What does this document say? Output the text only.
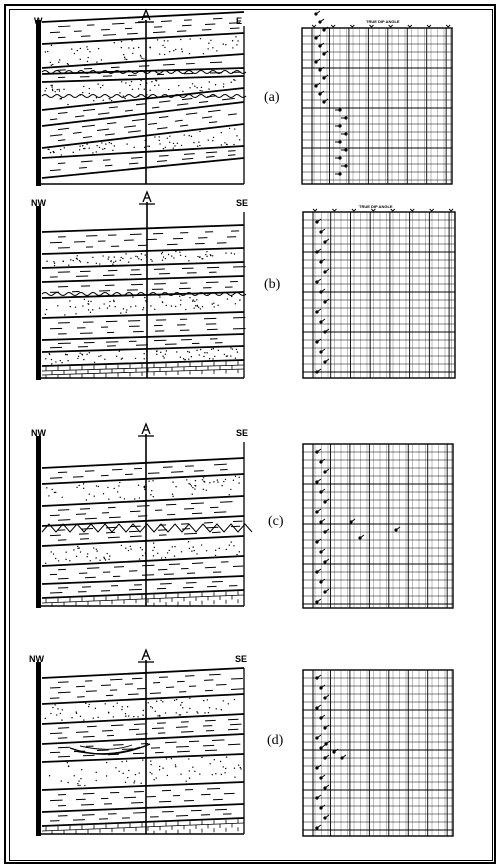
W	E
(a)
TRUE DIP ANGLE
NW	SE
(b)
TRUE DIP ANGLE
NW	SE
(c)
NW	SE
(d)
